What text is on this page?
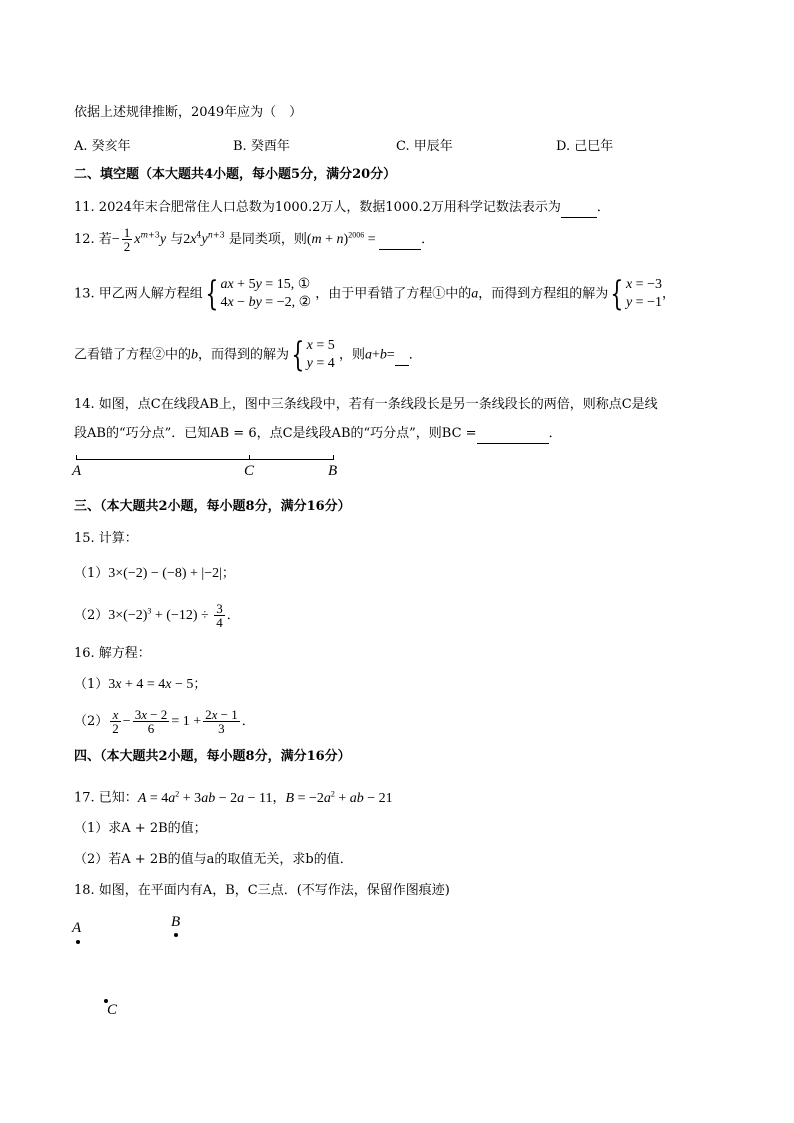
依据上述规律推断，2049年应为（　）
A. 癸亥年	B. 癸酉年	C. 甲辰年	D. 己巳年
二、填空题（本大题共4小题，每小题5分，满分20分）
11. 2024年末合肥常住人口总数为1000.2万人，数据1000.2万用科学记数法表示为	．
12. 若− $\frac{1}{2} x^{m+3}y$ 与$2x^4y^{n+3}$ 是同类项，则$(m + n)^{2006}$ =	．
13. 甲乙两人解方程组{ ax + 5y = 15, ①
4x − by = −2, ②
，由于甲看错了方程①中的a，而得到方程组的解为{ x = −3
y = −1
，
乙看错了方程②中的b，而得到的解为{ x = 5
y = 4
，则a+b= ．
14. 如图，点C在线段AB上，图中三条线段中，若有一条线段长是另一条线段长的两倍，则称点C是线
段AB的“巧分点”．已知AB = 6，点C是线段AB的“巧分点”，则BC =	．
A	C	B
三、（本大题共2小题，每小题8分，满分16分）
15. 计算：
（1）3×(−2) − (−8) + |−2|；
$(2)3\times(-2)^3 + (-12) \div \frac{3}{4}$ ．
16. 解方程：
（1）3x + 4 = 4x − 5；
$(2) \frac{x}{2} - \frac{3x - 2}{6} = 1 + \frac{2x - 1}{3}$ ．
四、（本大题共2小题，每小题8分，满分16分）
17. 已知：$A = 4a^2 + 3ab - 2a - 11$，$B = -2a^2$ + ab − 21
（1）求A + 2B的值；
（2）若A + 2B的值与a的取值无关，求b的值．
18. 如图，在平面内有A，B，C三点．(不写作法，保留作图痕迹)
A	B
C
